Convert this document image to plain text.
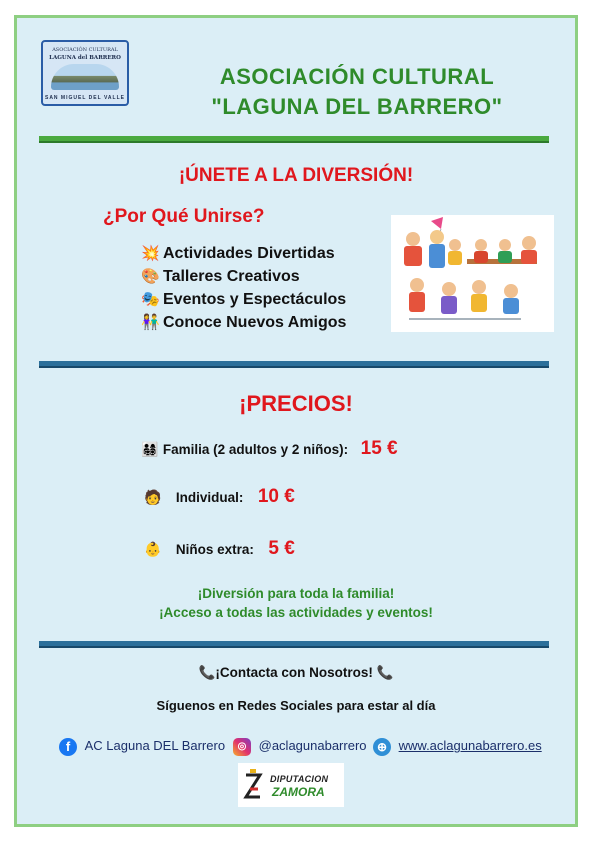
ASOCIACIÓN CULTURAL
LAGUNA del BARRERO
SAN MIGUEL DEL VALLE
ASOCIACIÓN CULTURAL
"LAGUNA DEL BARRERO"
¡ÚNETE A LA DIVERSIÓN!
¿Por Qué Unirse?
💥 Actividades Divertidas
🎨 Talleres Creativos
🎭 Eventos y Espectáculos
👫 Conoce Nuevos Amigos
¡PRECIOS!
👨‍👩‍👧‍👦 Familia (2 adultos y 2 niños): 15 €
🧑 Individual: 10 €
👶 Niños extra: 5 €
¡Diversión para toda la familia!
¡Acceso a todas las actividades y eventos!
📞¡Contacta con Nosotros! 📞
Síguenos en Redes Sociales para estar al día
f AC Laguna DEL Barrero	◎ @aclagunabarrero ⊕ www.aclagunabarrero.es
DIPUTACION
ZAMORA
